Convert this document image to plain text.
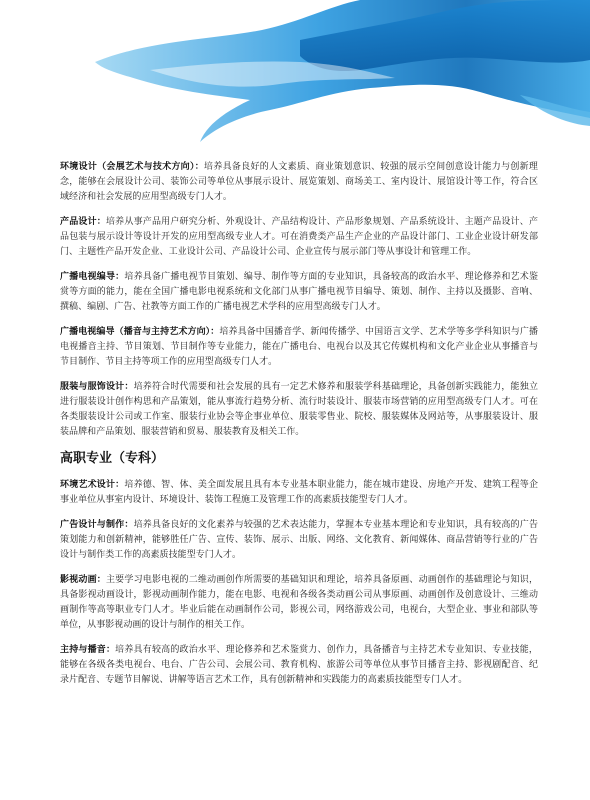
环境设计（会展艺术与技术方向）：培养具备良好的人文素质、商业策划意识、较强的展示空间创意设计能力与创新理念，能够在会展设计公司、装饰公司等单位从事展示设计、展览策划、商场美工、室内设计、展馆设计等工作，符合区域经济和社会发展的应用型高级专门人才。

产品设计：培养从事产品用户研究分析、外观设计、产品结构设计、产品形象规划、产品系统设计、主题产品设计、产品包装与展示设计等设计开发的应用型高级专业人才。可在消费类产品生产企业的产品设计部门、工业企业设计研发部门、主题性产品开发企业、工业设计公司、产品设计公司、企业宣传与展示部门等从事设计和管理工作。

广播电视编导：培养具备广播电视节目策划、编导、制作等方面的专业知识，具备较高的政治水平、理论修养和艺术鉴赏等方面的能力，能在全国广播电影电视系统和文化部门从事广播电视节目编导、策划、制作、主持以及摄影、音响、撰稿、编剧、广告、社教等方面工作的广播电视艺术学科的应用型高级专门人才。

广播电视编导（播音与主持艺术方向）：培养具备中国播音学、新闻传播学、中国语言文学、艺术学等多学科知识与广播电视播音主持、节目策划、节目制作等专业能力，能在广播电台、电视台以及其它传媒机构和文化产业企业从事播音与节目制作、节目主持等项工作的应用型高级专门人才。

服装与服饰设计：培养符合时代需要和社会发展的具有一定艺术修养和服装学科基础理论，具备创新实践能力，能独立进行服装设计创作构思和产品策划，能从事流行趋势分析、流行时装设计、服装市场营销的应用型高级专门人才。可在各类服装设计公司或工作室、服装行业协会等企事业单位、服装零售业、院校、服装媒体及网站等，从事服装设计、服装品牌和产品策划、服装营销和贸易、服装教育及相关工作。

高职专业（专科）

环境艺术设计：培养德、智、体、美全面发展且具有本专业基本职业能力，能在城市建设、房地产开发、建筑工程等企事业单位从事室内设计、环境设计、装饰工程施工及管理工作的高素质技能型专门人才。

广告设计与制作：培养具备良好的文化素养与较强的艺术表达能力，掌握本专业基本理论和专业知识，具有较高的广告策划能力和创新精神，能够胜任广告、宣传、装饰、展示、出版、网络、文化教育、新闻媒体、商品营销等行业的广告设计与制作类工作的高素质技能型专门人才。

影视动画：主要学习电影电视的二维动画创作所需要的基础知识和理论，培养具备原画、动画创作的基础理论与知识，具备影视动画设计，影视动画制作能力，能在电影、电视和各级各类动画公司从事原画、动画创作及创意设计、三维动画制作等高等职业专门人才。毕业后能在动画制作公司，影视公司，网络游戏公司，电视台，大型企业、事业和部队等单位，从事影视动画的设计与制作的相关工作。

主持与播音：培养具有较高的政治水平、理论修养和艺术鉴赏力、创作力，具备播音与主持艺术专业知识、专业技能，能够在各级各类电视台、电台、广告公司、会展公司、教育机构、旅游公司等单位从事节目播音主持、影视剧配音、纪录片配音、专题节目解说、讲解等语言艺术工作，具有创新精神和实践能力的高素质技能型专门人才。
